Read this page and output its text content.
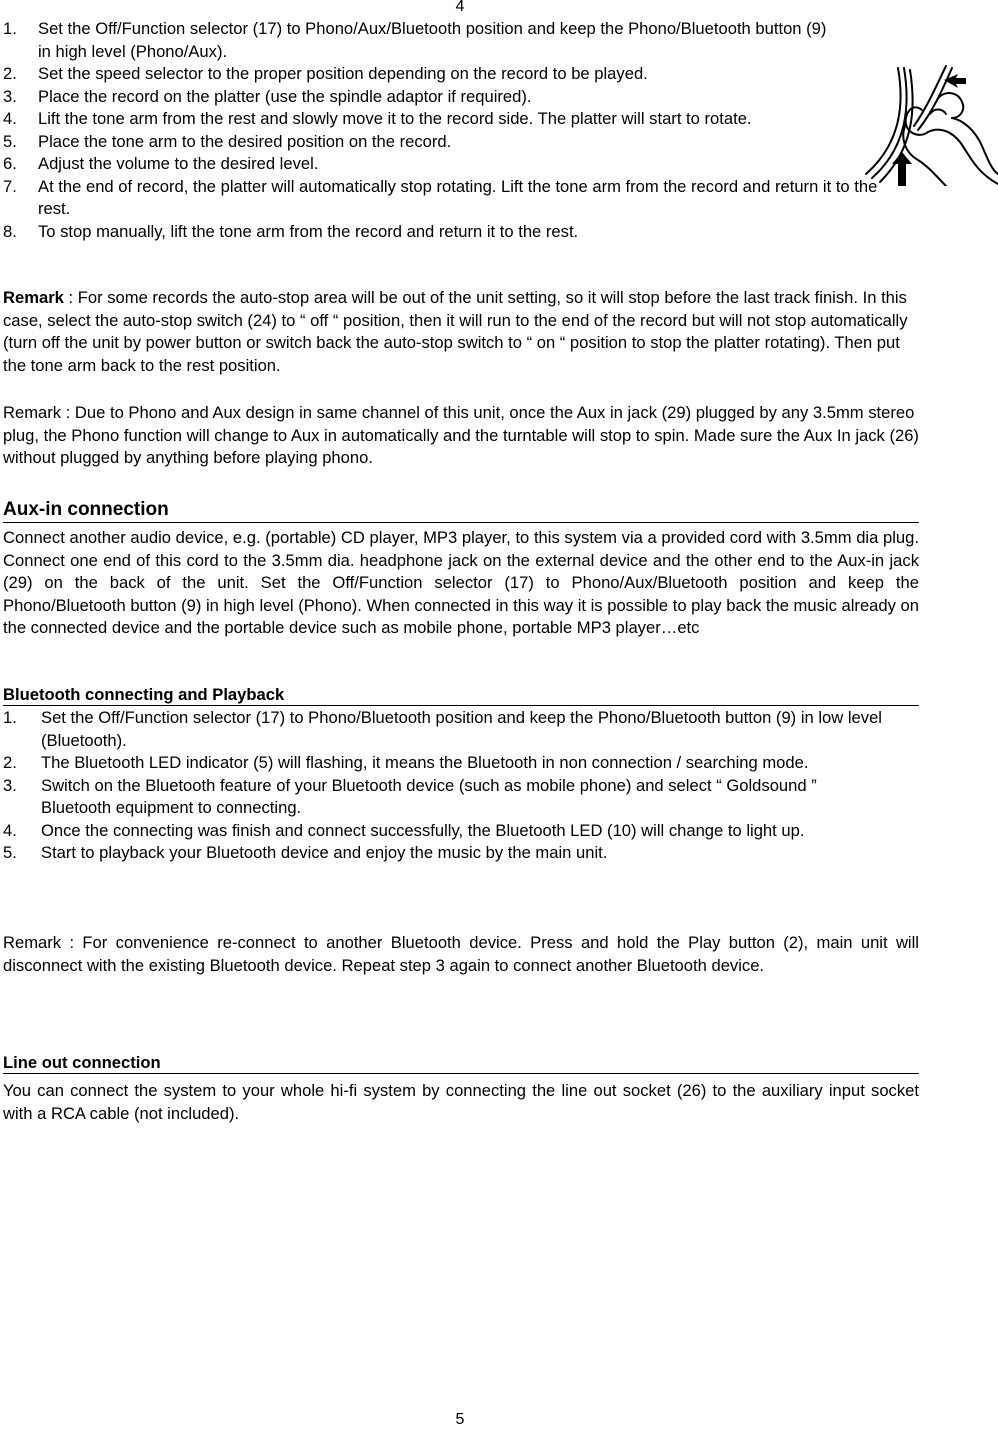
4
1. Set the Off/Function selector (17) to Phono/Aux/Bluetooth position and keep the Phono/Bluetooth button (9) in high level (Phono/Aux).
2. Set the speed selector to the proper position depending on the record to be played.
3. Place the record on the platter (use the spindle adaptor if required).
4. Lift the tone arm from the rest and slowly move it to the record side. The platter will start to rotate.
5. Place the tone arm to the desired position on the record.
6. Adjust the volume to the desired level.
7. At the end of record, the platter will automatically stop rotating. Lift the tone arm from the record and return it to the rest.
8. To stop manually, lift the tone arm from the record and return it to the rest.

Remark : For some records the auto-stop area will be out of the unit setting, so it will stop before the last track finish. In this case, select the auto-stop switch (24) to “ off “ position, then it will run to the end of the record but will not stop automatically (turn off the unit by power button or switch back the auto-stop switch to “ on “ position to stop the platter rotating). Then put the tone arm back to the rest position.

Remark : Due to Phono and Aux design in same channel of this unit, once the Aux in jack (29) plugged by any 3.5mm stereo plug, the Phono function will change to Aux in automatically and the turntable will stop to spin. Made sure the Aux In jack (26) without plugged by anything before playing phono.

Aux-in connection

Connect another audio device, e.g. (portable) CD player, MP3 player, to this system via a provided cord with 3.5mm dia plug. Connect one end of this cord to the 3.5mm dia. headphone jack on the external device and the other end to the Aux-in jack (29) on the back of the unit. Set the Off/Function selector (17) to Phono/Aux/Bluetooth position and keep the Phono/Bluetooth button (9) in high level (Phono). When connected in this way it is possible to play back the music already on the connected device and the portable device such as mobile phone, portable MP3 player…etc

Bluetooth connecting and Playback
1. Set the Off/Function selector (17) to Phono/Bluetooth position and keep the Phono/Bluetooth button (9) in low level (Bluetooth).
2. The Bluetooth LED indicator (5) will flashing, it means the Bluetooth in non connection / searching mode.
3. Switch on the Bluetooth feature of your Bluetooth device (such as mobile phone) and select “ Goldsound ” Bluetooth equipment to connecting.
4. Once the connecting was finish and connect successfully, the Bluetooth LED (10) will change to light up.
5. Start to playback your Bluetooth device and enjoy the music by the main unit.

Remark : For convenience re-connect to another Bluetooth device. Press and hold the Play button (2), main unit will disconnect with the existing Bluetooth device. Repeat step 3 again to connect another Bluetooth device.

Line out connection

You can connect the system to your whole hi-fi system by connecting the line out socket (26) to the auxiliary input socket with a RCA cable (not included).

5
